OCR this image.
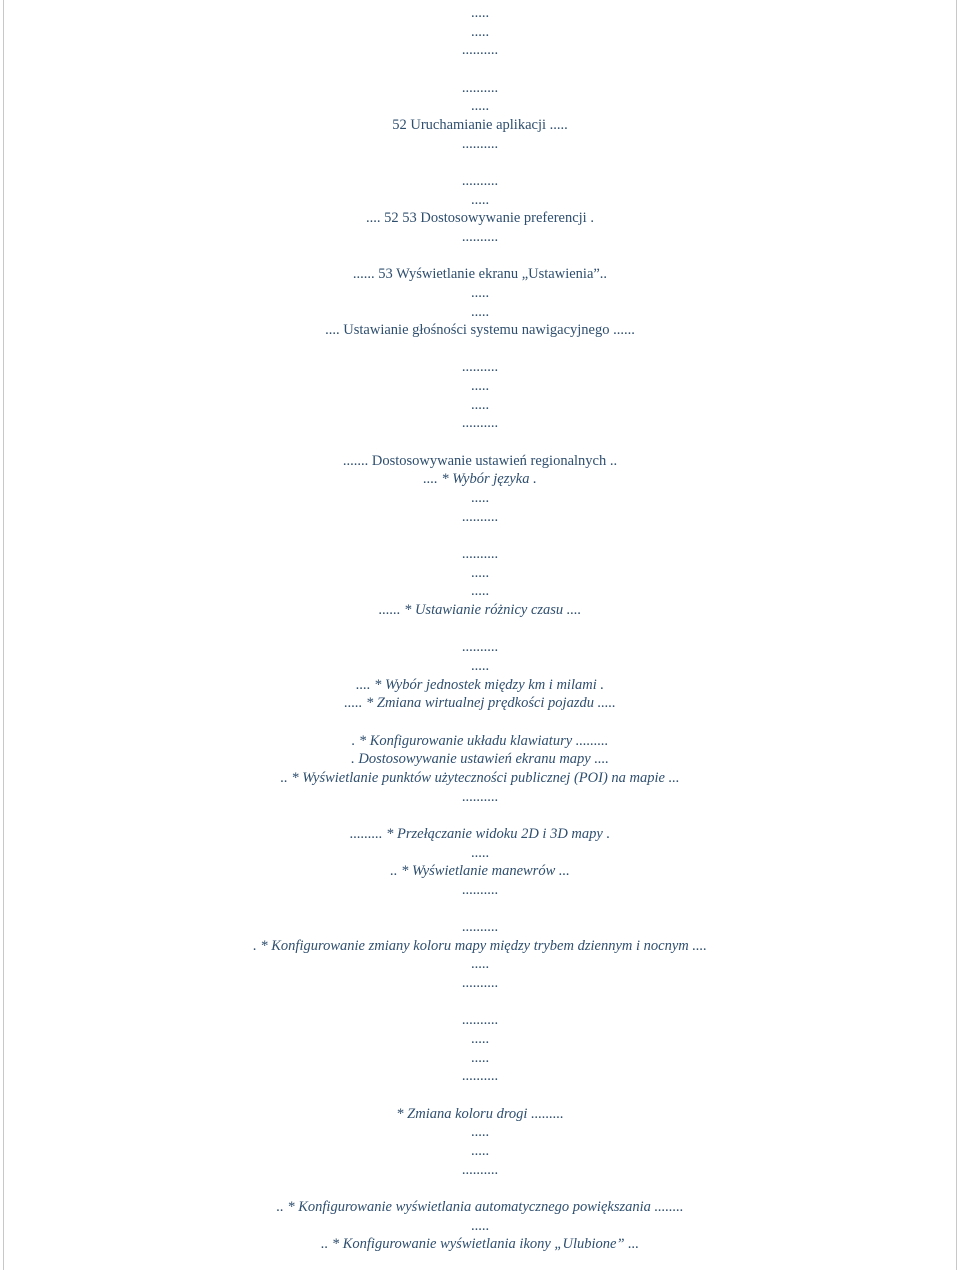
.....
.....
..........
..........
.....
52 Uruchamianie aplikacji .....
..........
..........
.....
.... 52 53 Dostosowywanie preferencji .
..........
...... 53 Wyświetlanie ekranu „Ustawienia”..
.....
.....
.... Ustawianie głośności systemu nawigacyjnego ......
..........
.....
.....
..........
....... Dostosowywanie ustawień regionalnych ..
.... * Wybór języka .
.....
..........
..........
.....
.....
...... * Ustawianie różnicy czasu ....
..........
.....
.... * Wybór jednostek między km i milami .
..... * Zmiana wirtualnej prędkości pojazdu .....
. * Konfigurowanie układu klawiatury .........
. Dostosowywanie ustawień ekranu mapy ....
.. * Wyświetlanie punktów użyteczności publicznej (POI) na mapie ...
..........
......... * Przełączanie widoku 2D i 3D mapy .
.....
.. * Wyświetlanie manewrów ...
..........
..........
. * Konfigurowanie zmiany koloru mapy między trybem dziennym i nocnym ....
.....
..........
..........
.....
.....
..........
* Zmiana koloru drogi .........
.....
.....
..........
.. * Konfigurowanie wyświetlania automatycznego powiększania ........
.....
.. * Konfigurowanie wyświetlania ikony „Ulubione” ...
